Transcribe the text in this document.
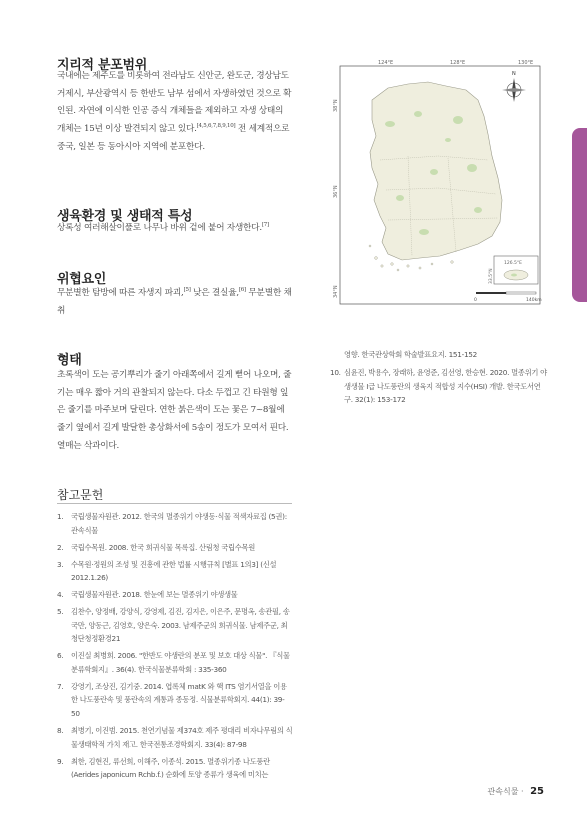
지리적 분포범위

국내에는 제주도를 비롯하여 전라남도 신안군, 완도군, 경상남도 거제시, 부산광역시 등 한반도 남부 섬에서 자생하였던 것으로 확인된. 자연에 이식한 인공 증식 개체들을 제외하고 자생 상태의 개체는 15년 이상 발견되지 않고 있다.[4,5,6,7,8,9,10] 전 세계적으로 중국, 일본 등 동아시아 지역에 분포한다.

생육환경 및 생태적 특성

상록성 여러해살이풀로 나무나 바위 겉에 붙어 자생한다.[7]

위협요인

무분별한 탐방에 따른 자생지 파괴,[5] 낮은 결실율,[6] 무분별한 채취

형태

초록색이 도는 공기뿌리가 줄기 아래쪽에서 길게 뻗어 나오며, 줄기는 매우 짧아 거의 관찰되지 않는다. 다소 두껍고 긴 타원형 잎은 줄기를 마주보며 달린다. 연한 붉은색이 도는 꽃은 7~8월에 줄기 옆에서 길게 발달한 총상화서에 5송이 정도가 모여서 핀다. 열매는 삭과이다.

124°E	128°E	130°E
38°N
36°N
34°N
N
126.5°E
33.5°N
0	140km
참고문헌
1. 국립생물자원관. 2012. 한국의 멸종위기 야생동·식물 적색자료집 (5권): 관속식물
2. 국립수목원. 2008. 한국 희귀식물 목록집. 산림청 국립수목원
3. 수목원·정원의 조성 및 진흥에 관한 법률 시행규칙 [별표 1의3] (신설 2012.1.26)
4. 국립생물자원관. 2018. 한눈에 보는 멸종위기 야생생물
5. 김찬수, 양정배, 강양식, 강영제, 김진, 김지은, 이은주, 문명옥, 송관필, 송국만, 양동근, 김영호, 양은숙. 2003. 남제주군의 희귀식물. 남제주군, 최청단청정환경21
6. 이진실 최병희. 2006. "한반도 야생란의 분포 및 보호 대상 식물". 『식물분류학회지』. 36(4). 한국식물분류학회 : 335-360
7. 강영기, 조상진, 김기중. 2014. 엽록체 matK 와 핵 ITS 염기서열을 이용한 나도풍란속 및 풍란속의 계통과 종동정. 식물분류학회지. 44(1): 39-50
8. 최병기, 이진범. 2015. 천연기념물 제374호 제주 평대리 비자나무림의 식물생태학적 가치 재고. 한국전통조경학회지. 33(4): 87-98
9. 최한, 김현진, 류선희, 이해주, 이종석. 2015. 멸종위기종 나도풍란 (Aerides japonicum Rchb.f.) 순화에 토양 종류가 생육에 미치는
영향. 한국관상학회 학술발표요지. 151-152
10. 심윤진, 박용수, 장래하, 윤영준, 김선영, 한승현. 2020. 멸종위기 야생생물 I급 나도풍란의 생육지 적합성 지수(HSI) 개발. 한국도서연구. 32(1): 153-172
관속식물 · 25
